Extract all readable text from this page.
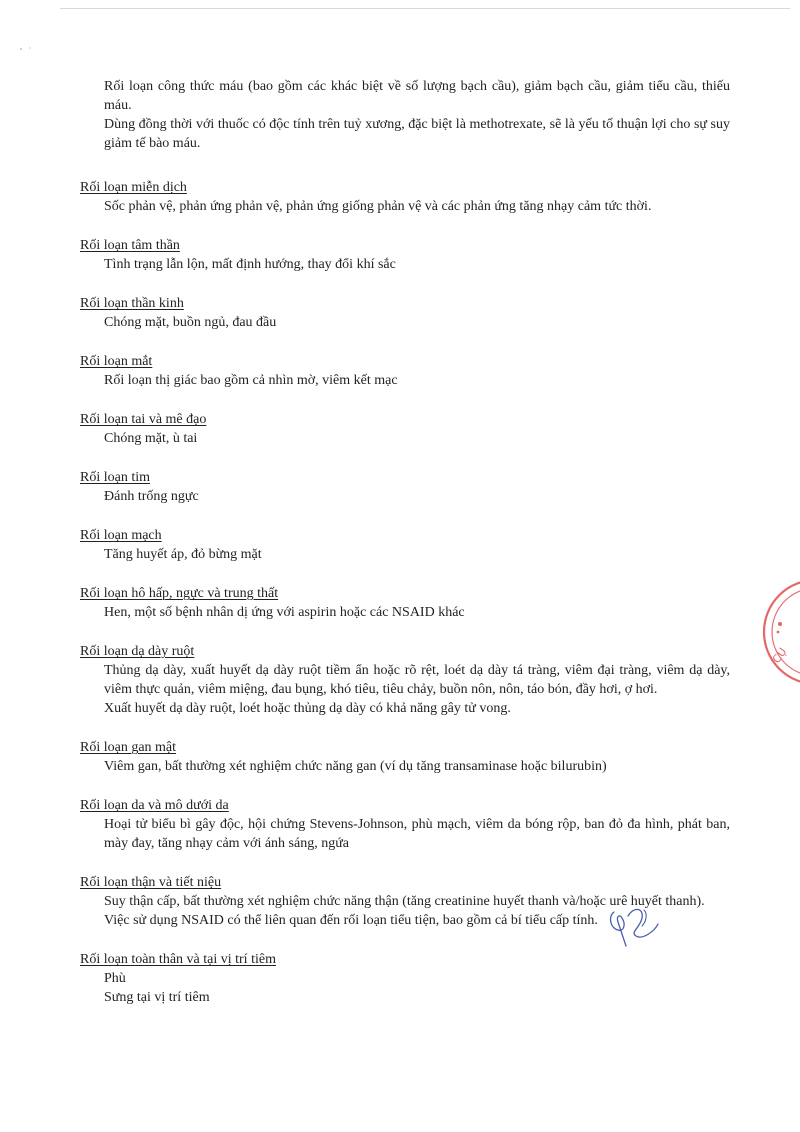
Rối loạn công thức máu (bao gồm các khác biệt về số lượng bạch cầu), giảm bạch cầu, giảm tiểu cầu, thiếu máu.
Dùng đồng thời với thuốc có độc tính trên tuỷ xương, đặc biệt là methotrexate, sẽ là yếu tố thuận lợi cho sự suy giảm tế bào máu.
Rối loạn miễn dịch
Sốc phản vệ, phản ứng phản vệ, phản ứng giống phản vệ và các phản ứng tăng nhạy cảm tức thời.
Rối loạn tâm thần
Tình trạng lẫn lộn, mất định hướng, thay đổi khí sắc
Rối loạn thần kinh
Chóng mặt, buồn ngủ, đau đầu
Rối loạn mắt
Rối loạn thị giác bao gồm cả nhìn mờ, viêm kết mạc
Rối loạn tai và mê đạo
Chóng mặt, ù tai
Rối loạn tim
Đánh trống ngực
Rối loạn mạch
Tăng huyết áp, đỏ bừng mặt
Rối loạn hô hấp, ngực và trung thất
Hen, một số bệnh nhân dị ứng với aspirin hoặc các NSAID khác
Rối loạn dạ dày ruột
Thủng dạ dày, xuất huyết dạ dày ruột tiềm ẩn hoặc rõ rệt, loét dạ dày tá tràng, viêm đại tràng, viêm dạ dày, viêm thực quản, viêm miệng, đau bụng, khó tiêu, tiêu chảy, buồn nôn, nôn, táo bón, đầy hơi, ợ hơi.
Xuất huyết dạ dày ruột, loét hoặc thủng dạ dày có khả năng gây tử vong.
Rối loạn gan mật
Viêm gan, bất thường xét nghiệm chức năng gan (ví dụ tăng transaminase hoặc bilurubin)
Rối loạn da và mô dưới da
Hoại tử biểu bì gây độc, hội chứng Stevens-Johnson, phù mạch, viêm da bóng rộp, ban đỏ đa hình, phát ban, mày đay, tăng nhạy cảm với ánh sáng, ngứa
Rối loạn thận và tiết niệu
Suy thận cấp, bất thường xét nghiệm chức năng thận (tăng creatinine huyết thanh và/hoặc urê huyết thanh).
Việc sử dụng NSAID có thể liên quan đến rối loạn tiểu tiện, bao gồm cả bí tiểu cấp tính.
Rối loạn toàn thân và tại vị trí tiêm
Phù
Sưng tại vị trí tiêm
CỤ
